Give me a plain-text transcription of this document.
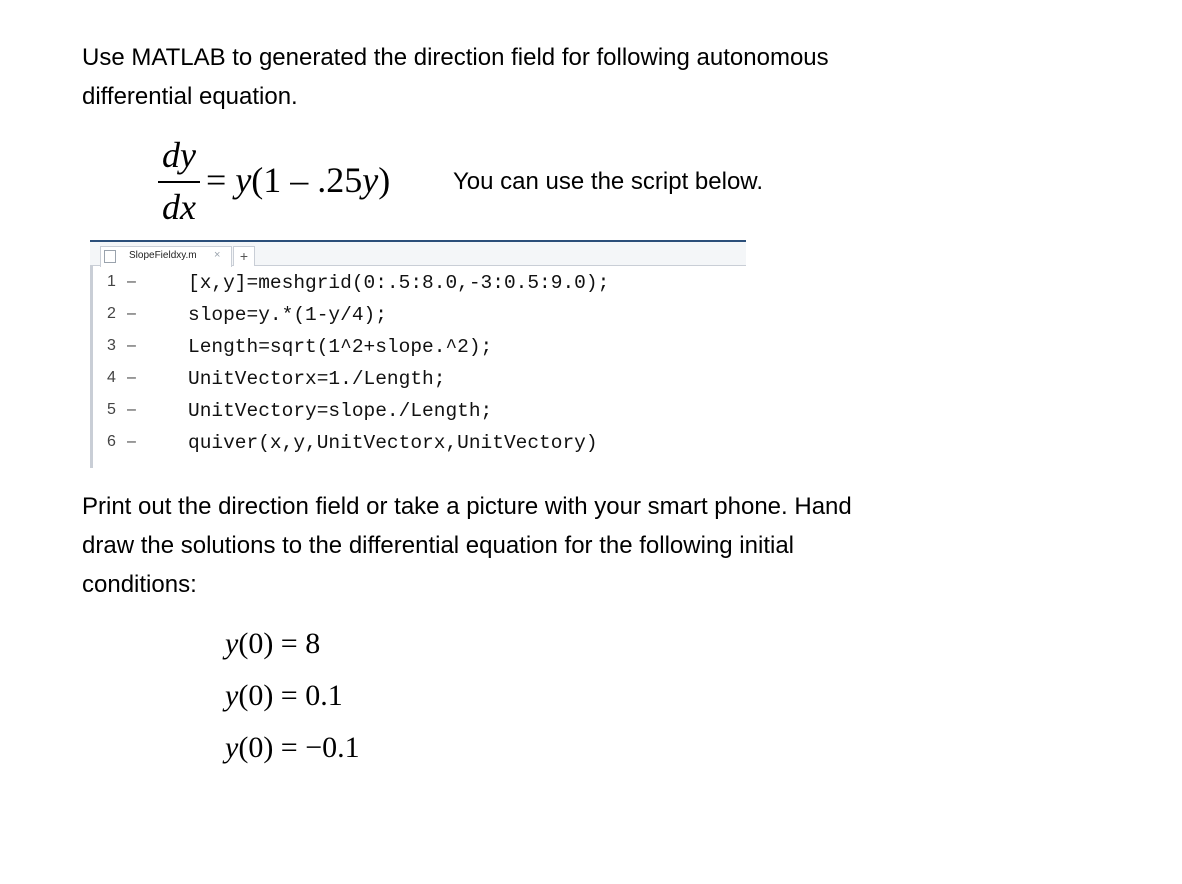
Use MATLAB to generated the direction field for following autonomous
differential equation.
dy
dx
= y(1 – .25y)	You can use the script below.
SlopeFieldxy.m ×	+
1 –	[x,y]=meshgrid(0:.5:8.0,-3:0.5:9.0);
2 –	slope=y.*(1-y/4);
3 –	Length=sqrt(1^2+slope.^2);
4 –	UnitVectorx=1./Length;
5 –	UnitVectory=slope./Length;
6 –	quiver(x,y,UnitVectorx,UnitVectory)
Print out the direction field or take a picture with your smart phone. Hand
draw the solutions to the differential equation for the following initial
conditions:
y(0) = 8
y(0) = 0.1
y(0) = −0.1
